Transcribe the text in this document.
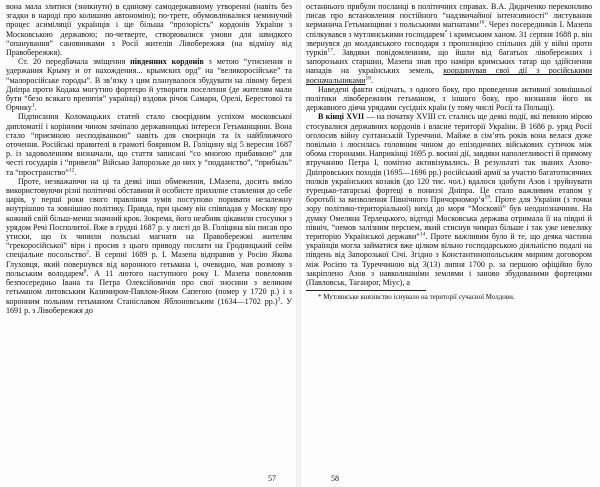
вона мала злитися (зникнути) в єдиному самодержавному утворенні (навіть без згадки в народі про колишню автономію); по-третє, обумовлювалися неминучий процес асиміляції українців і ще більша “прозорість” кордонів України з Московською державою; по-четверте, створювалися умови для швидкого “опанування” сановниками з Росії жителів Лівобережжя (на відміну від Правобережжя).

Ст. 20 передбачала зміщення південних кордонів з метою “утиснення и удержания Крыму и от нахождения... крымских орд” на “великоросійське” та “малоросійське городы”. В зв’язку з цим планувалося збудувати на лівому березі Дніпра проти Кодака могутню фортецю й утворити поселення (де жителям мали бути “безо всякаго препятія” українці) вздовж річок Самари, Орелі, Берестової та Орчику$^1$.

Підписання Коломацьких статей стало своєрідним успіхом московської дипломатії і корінним чином зачіпало державницькі інтереси Гетьманщини. Вона стало “приємною несподіванкою” навіть для своєрнців та їх найближчого оточення. Російські правителі в грамоті боярином В. Голіцину від 5 вересня 1687 р. із задоволенням визначали, що стаття записані “со многою прибавкою” для честі государів і “привели” Військо Запорозьке до них у “подданство”, “прибыль” та “пространство”$^{12}$.

Проте, незважаючи на ці та деякі інші обмеження, І.Мазепа, досить вміло використовуючи різні політичні обставини й особисте прихилне ставлення до себе царів, у перші роки свого правління зумів поступово поривати незалежну внутрішню та зовнішню політику. Правда, при цьому він співпадав у Москву про кожний свій більш-менш значний крок. Зокрема, його неабияк цікавили стосунки з урядом Речі Посполитої. Вже в грудні 1687 р. у листі до В. Голіцина він писав про утиски, що їх чинили польські магнати на Правобережжі жителям “грекоросійської” віри і просив з цього приводу послати на Гродницький сейм спеціальне посольство$^2$. В серпні 1689 р. І. Мазепа відправив у Росію Якова Глуховця, який повернувся від коронного гетьмана і, очевидно, мав розмову з польським володарем$^8$. А 11 лютого наступного року І. Мазепа повеломив безпосередньо Івана та Петра Олексійовичів про свої зносини з великим гетьманом литовським Казимиром-Павлом-Яном Сапегою (помер у 1720 р.) і з коронним польним гетьманом Станіславом Яблоновським (1634—1702 рр.)$^3$. У 1691 р. з Лівобережжя до

останнього прибули посланці в політичних справах. В.А. Дядиченко переконливо писав про встановлення постійного “надзвичайної інтенсивності” листування керманича Гетьманщини з польськими магнатами$^{16}$. Через посередників І. Мазепа спілкувався з мутлянськими господарем* і кримським ханом. 31 серпня 1688 р. він звернувся до молдавського господаря з пропозицією спільних дій у війні проти турків$^{17}$. Завдяки повідомленням, що йшли від багатьох лівобережних і запорозьких старшин, Мазепа знав про наміри кримських татар що здійснення нападів на українських земель, координував свої дії з російськими воєначальниками$^{18}$.

Наведені факти свідчать, з одного боку, про проведення активної зовнішньої політики лівобережним гетьманом, з іншого боку, про визнання його як державного діяча урядами сусідніх країн (у тому числі Росії та Польщі).

В кінці XVII — на початку XVIII ст. стались ще деякі події, які певною мірою стосувалися державних кордонів і власне території України. В 1686 р. уряд Росії оголосив війну султанській Туреччині. Майже в сім’ять років вона велася дуже повільно і люсилась головним чином до епізодичних військових сутичок між обома сторонами. Наприкінці 1695 р. воєнні дії, завдяки наполегливості й прямому втручанню Петра І, помітно активізувались. В результаті так званих Азово-Дніпровських походів (1695—1696 рр.) російський армії за участю багатотисячних полків українських козаків (до 120 тис. чол.) вдалося здобути Азов і зруйнувати турецько-татарські фортеці в пониззі Дніпра. Це стало важливим етапом у боротьбі за визволення Північного $Причорномор’я^{19}$. Проте для України (з точки зору політико-територіальної) вихід до моря “Московії” був неоднозначним. На думку Омеляна Терлецького, відтоді Московська держава отримала її на півдні й північ, “немов залізним перснем, який стиснув чимраз більше і так уже невелику територію Української держави”$^{14}$. Проте важливим було й те, що деяка частина українців могла займатися вже цілком вільно господарською діяльністю подалі на південь від Запорозької Січі. Згідно з Константинопольським мирним договором між Росією та Туреччиною від 3(13) липня 1700 р. за першою офіційно було закріплено Азов з навколишніми землями і заново збудованими фортецями (Павловськ, Таганрог, Міус), а

* Мутлянське князівство існувало на території сучасної Молдови.

57	58
